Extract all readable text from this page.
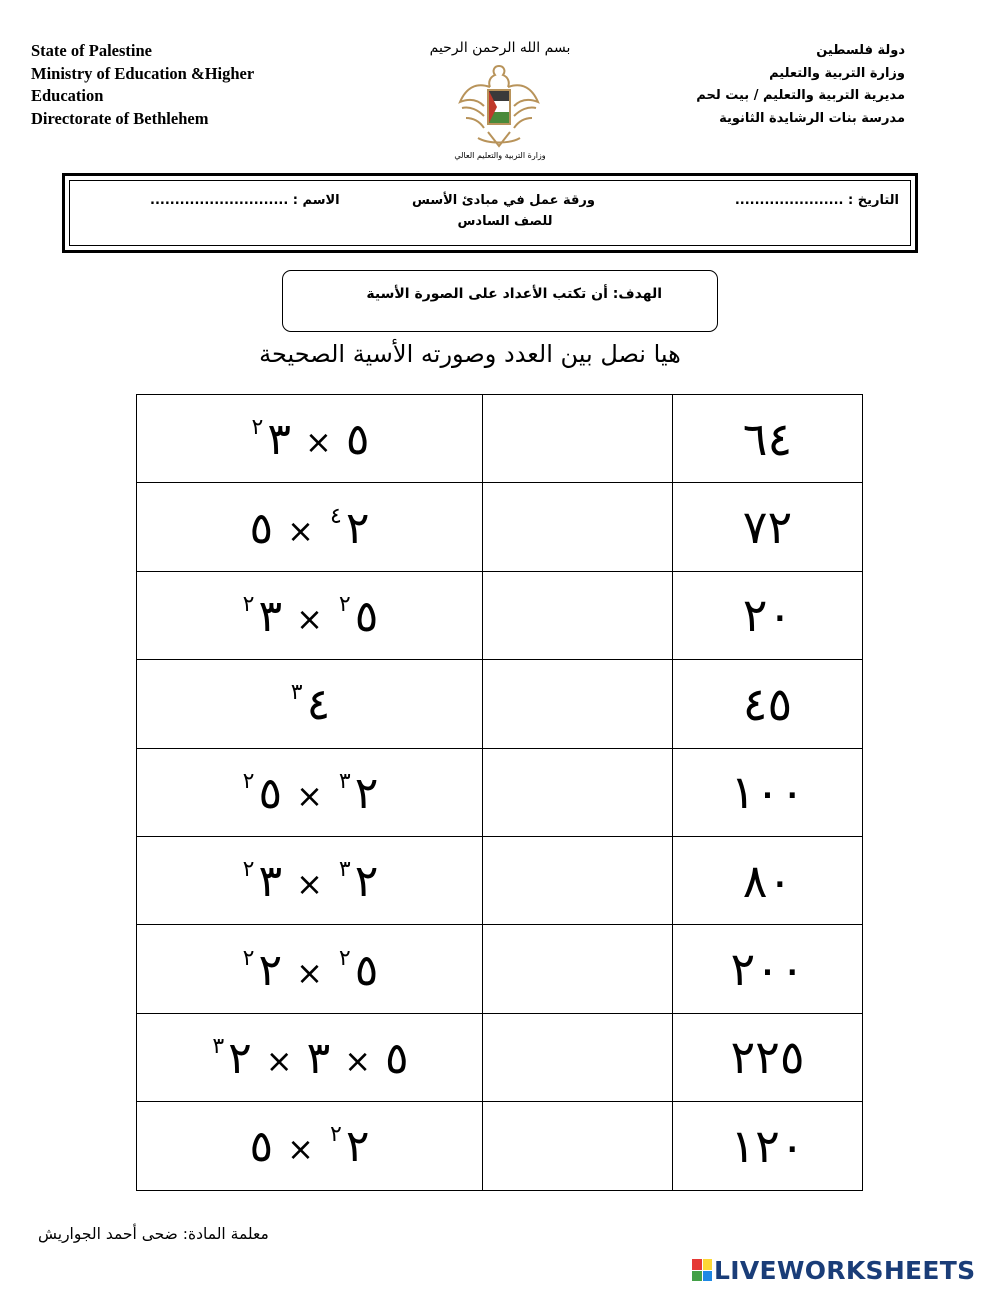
State of Palestine
Ministry of Education &Higher
Education
Directorate of Bethlehem
بسم الله الرحمن الرحيم
وزارة التربية والتعليم العالي
دولة فلسطين
وزارة التربية والتعليم
مديرية التربية والتعليم / بيت لحم
مدرسة بنات الرشايدة الثانوية
التاريخ : ......................
ورقة عمل في مبادئ الأسس
للصف السادس
الاسم : ............................
الهدف: أن تكتب الأعداد على الصورة الأسية
هيا نصل بين العدد وصورته الأسية الصحيحة
٢٣ × ٥		٦٤
٥ × ٤٢		٧٢
٢٣ × ٢٥		٢٠
٣٤		٤٥
٢٥ × ٣٢		١٠٠
٢٣ × ٣٢		٨٠
٢٢ × ٢٥		٢٠٠
٣٢ × ٣ × ٥		٢٢٥
٥ × ٢٢		١٢٠
معلمة المادة: ضحى أحمد الجواريش
LIVEWORKSHEETS
